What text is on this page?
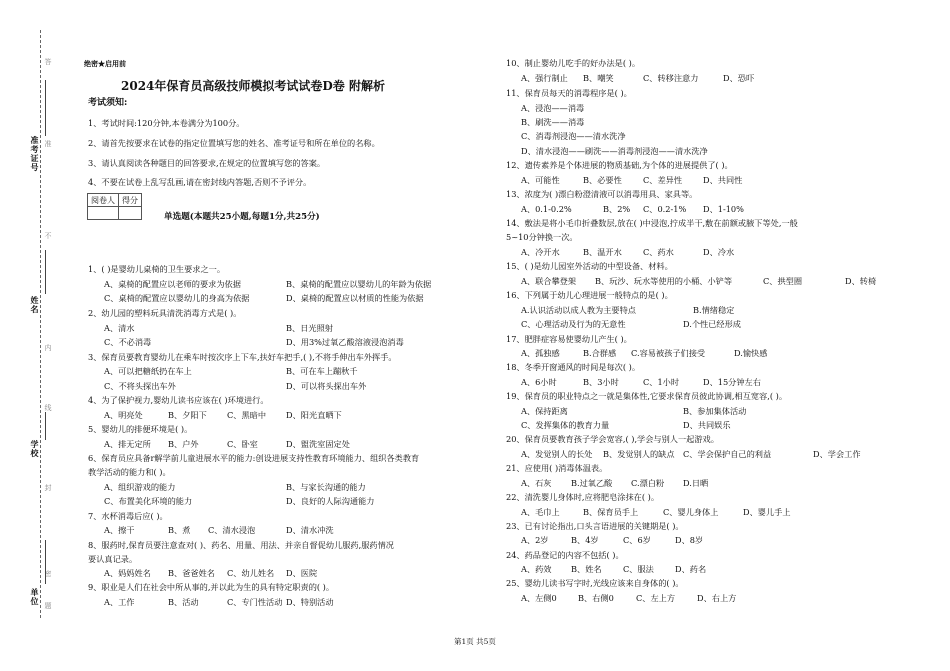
答
准考证号 准
不
姓名
内
线
学校
封
密
单位 题
绝密★启用前
2024年保育员高级技师模拟考试试卷D卷 附解析
考试须知:
1、考试时间:120分钟,本卷满分为100分。
2、请首先按要求在试卷的指定位置填写您的姓名、准考证号和所在单位的名称。
3、请认真阅读各种题目的回答要求,在规定的位置填写您的答案。
4、不要在试卷上乱写乱画,请在密封线内答题,否则不予评分。
阅卷人	得分

单选题(本题共25小题,每题1分,共25分)
1、( )是婴幼儿桌椅的卫生要求之一。
A、桌椅的配置应以老师的要求为依据	B、桌椅的配置应以婴幼儿的年龄为依据
C、桌椅的配置应以婴幼儿的身高为依据	D、桌椅的配置应以材质的性能为依据
2、幼儿园的塑料玩具清洗消毒方式是( )。
A、清水	B、日光照射
C、不必消毒	D、用3%过氧乙酸溶液浸泡消毒
3、保育员要教育婴幼儿在乘车时按次序上下车,扶好车把手,( ),不将手伸出车外挥手。
A、可以把糖纸扔在车上	B、可在车上蹦秋千
C、不将头探出车外	D、可以将头探出车外
4、为了保护视力,婴幼儿读书应该在( )环境进行。
A、明亮处	B、夕阳下 C、黑暗中 D、阳光直晒下
5、婴幼儿的排便环境是( )。
A、排无定所 B、户外	C、卧室	D、盥洗室固定处
6、保育员应具备r解学前儿童进展水平的能力:创设进展支持性教育环境能力、组织各类教育
教学活动的能力和( )。
A、组织游戏的能力	B、与家长沟通的能力
C、布置美化环境的能力	D、良好的人际沟通能力
7、水杯消毒后应( )。
A、擦干	B、煮 C、清水浸泡	D、清水冲洗
8、服药时,保育员要注意查对( )、药名、用量、用法、并亲自督促幼儿服药,服药情况
要认真记录。
A、妈妈姓名 B、爸爸姓名 C、幼儿姓名 D、医院
9、职业是人们在社会中所从事的,并以此为生的具有特定职责的( )。
A、工作	B、活动	C、专门性活动 D、特别活动
10、制止婴幼儿吃手的好办法是( )。
A、强行制止 B、嘲笑	C、转移注意力	D、恐吓
11、保育员每天的消毒程序是( )。
A、浸泡——消毒
B、刷洗——消毒
C、消毒剂浸泡——清水洗净
D、清水浸泡——刷洗——消毒剂浸泡——清水洗净
12、遗传素养是个体进展的物质基础,为个体的进展提供了( )。
A、可能性	B、必要性	C、差异性	D、共同性
13、浓度为( )漂白粉澄清液可以消毒用具、家具等。
A、0.1-0.2%	B、2% C、0.2-1% D、1-10%
14、敷法是将小毛巾折叠数层,放在( )中浸泡,拧成半干,敷在前额或腋下等处,一般
5~10分钟换一次。
A、冷开水	B、温开水	C、药水	D、冷水
15、( )是幼儿园室外活动的中型设备、材料。
A、联合攀登架 B、玩沙、玩水等使用的小桶、小铲等	C、拱型圈	D、转椅
16、下列属于幼儿心理进展一般特点的是( )。
A.认识活动以成人教为主要特点	B.情绪稳定
C、心理活动及行为的无意性	D.个性已经形成
17、肥胖症容易使婴幼儿产生( )。
A、孤独感	B.合群感 C.容易被孩子们接受	D.愉快感
18、冬季开窗通风的时间是每次( )。
A、6小时	B、3小时	C、1小时	D、15分钟左右
19、保育员的职业特点之一就是集体性,它要求保育员彼此协调,相互宽容,( )。
A、保持距离	B、参加集体活动
C、发挥集体的教育力量	D、共同娱乐
20、保育员要教育孩子学会宽容,( ),学会与别人一起游戏。
A、发觉别人的长处 B、发觉别人的缺点 C、学会保护自己的利益	D、学会工作
21、应使用( )消毒体温表。
A、石灰 B.过氧乙酸 C.漂白粉 D.日晒
22、清洗婴儿身体时,应将肥皂涂抹在( )。
A、毛巾上	B、保育员手上	C、婴儿身体上	D、婴儿手上
23、已有讨论指出,口头言语进展的关键期是( )。
A、2岁	B、4岁	C、6岁	D、8岁
24、药品登记的内容不包括( )。
A、药效 B、姓名	C、服法	D、药名
25、婴幼儿读书写字时,光线应该来自身体的( )。
A、左侧0	B、右侧0	C、左上方	D、右上方
第1页 共5页
